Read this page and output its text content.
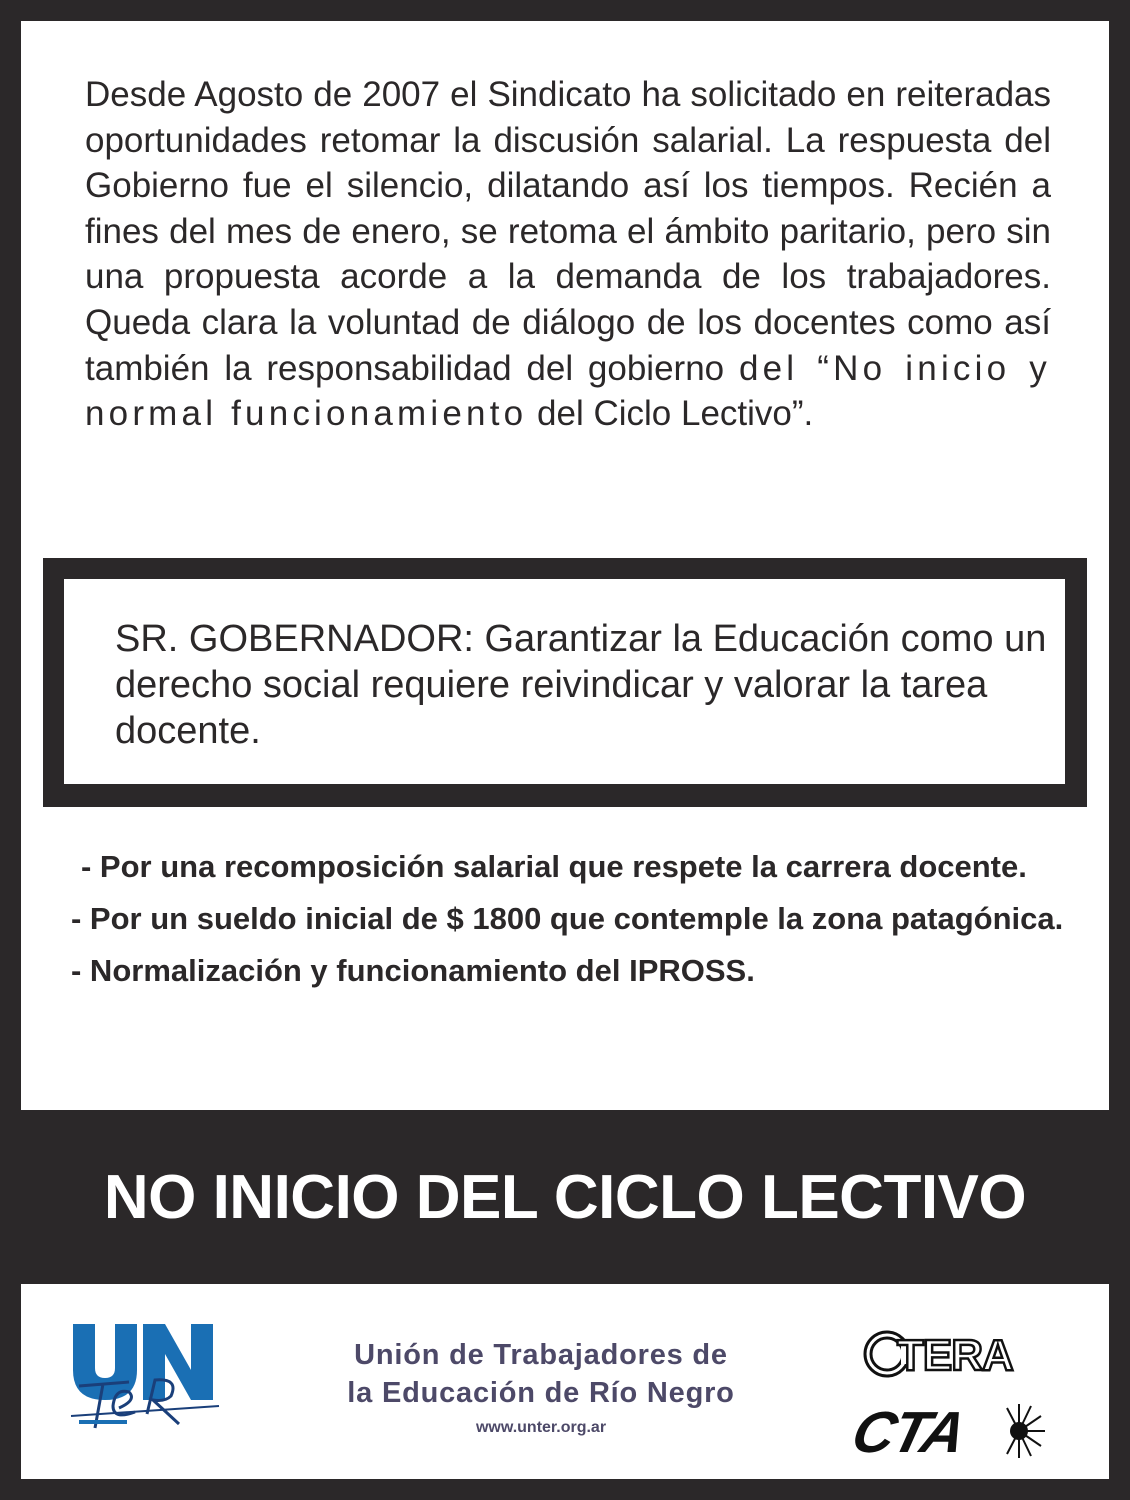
Desde Agosto de 2007 el Sindicato ha solicitado en reiteradas oportunidades retomar la discusión salarial. La respuesta del Gobierno fue el silencio, dilatando así los tiempos. Recién a fines del mes de enero, se retoma el ámbito paritario, pero sin una propuesta acorde a la demanda de los trabajadores. Queda clara la voluntad de diálogo de los docentes como así también la responsabilidad del gobierno del “No inicio y normal funcionamiento del Ciclo Lectivo”.

SR. GOBERNADOR: Garantizar la Educación como un derecho social requiere reivindicar y valorar la tarea docente.

- Por una recomposición salarial que respete la carrera docente.
- Por un sueldo inicial de $ 1800 que contemple la zona patagónica.
- Normalización y funcionamiento del IPROSS.
NO INICIO DEL CICLO LECTIVO
Unión de Trabajadores de
la Educación de Río Negro
www.unter.org.ar
TERA
CTA
